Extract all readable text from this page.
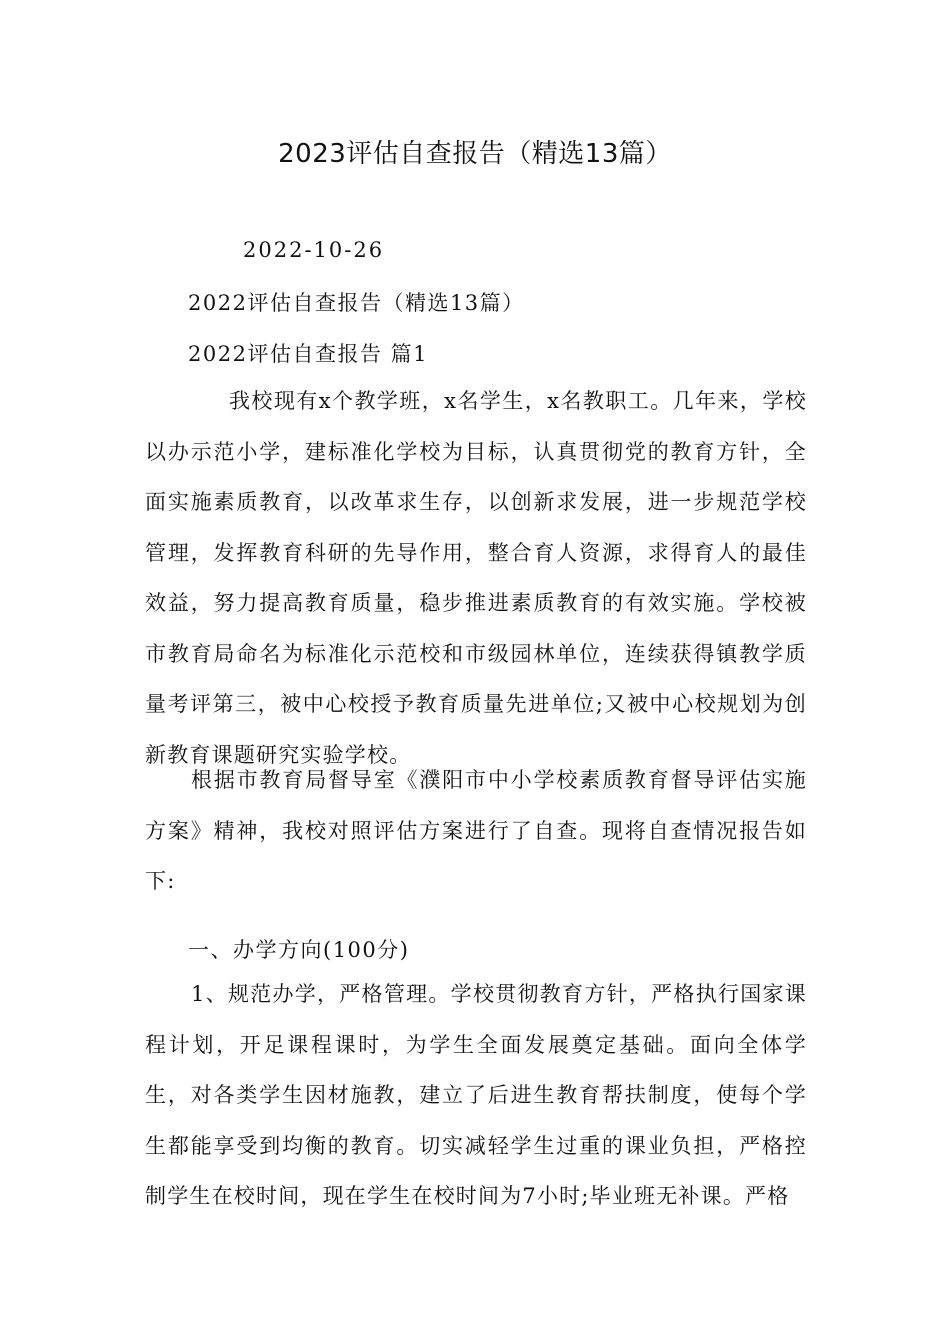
2023评估自查报告（精选13篇）

2022-10-26

2022评估自查报告（精选13篇）

2022评估自查报告 篇1

我校现有x个教学班，x名学生，x名教职工。几年来，学校以办示范小学，建标准化学校为目标，认真贯彻党的教育方针，全面实施素质教育，以改革求生存，以创新求发展，进一步规范学校管理，发挥教育科研的先导作用，整合育人资源，求得育人的最佳效益，努力提高教育质量，稳步推进素质教育的有效实施。学校被市教育局命名为标准化示范校和市级园林单位，连续获得镇教学质量考评第三，被中心校授予教育质量先进单位;又被中心校规划为创新教育课题研究实验学校。

根据市教育局督导室《濮阳市中小学校素质教育督导评估实施方案》精神，我校对照评估方案进行了自查。现将自查情况报告如下:

一、办学方向(100分)

1、规范办学，严格管理。学校贯彻教育方针，严格执行国家课程计划，开足课程课时，为学生全面发展奠定基础。面向全体学生，对各类学生因材施教，建立了后进生教育帮扶制度，使每个学生都能享受到均衡的教育。切实减轻学生过重的课业负担，严格控制学生在校时间，现在学生在校时间为7小时;毕业班无补课。严格
